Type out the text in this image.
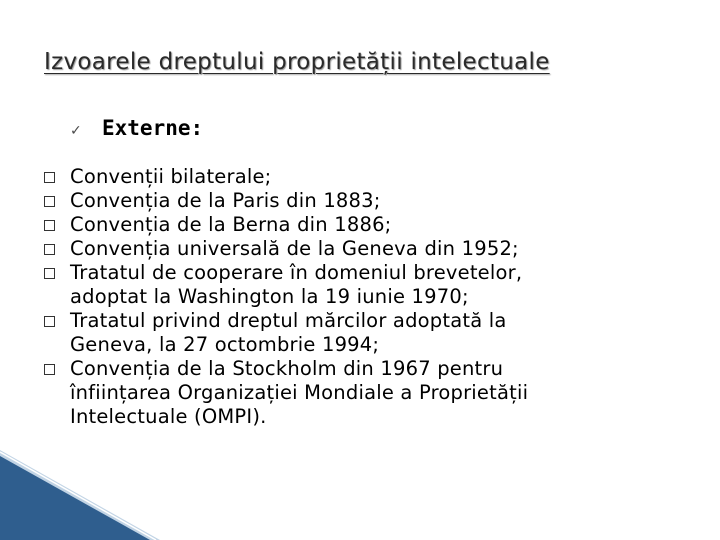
Izvoarele dreptului proprietății intelectuale
✓ Externe:
Convenții bilaterale;
Convenția de la Paris din 1883;
Convenția de la Berna din 1886;
Convenția universală de la Geneva din 1952;
Tratatul de cooperare în domeniul brevetelor,
adoptat la Washington la 19 iunie 1970;
Tratatul privind dreptul mărcilor adoptată la
Geneva, la 27 octombrie 1994;
Convenția de la Stockholm din 1967 pentru
înființarea Organizației Mondiale a Proprietății
Intelectuale (OMPI).
